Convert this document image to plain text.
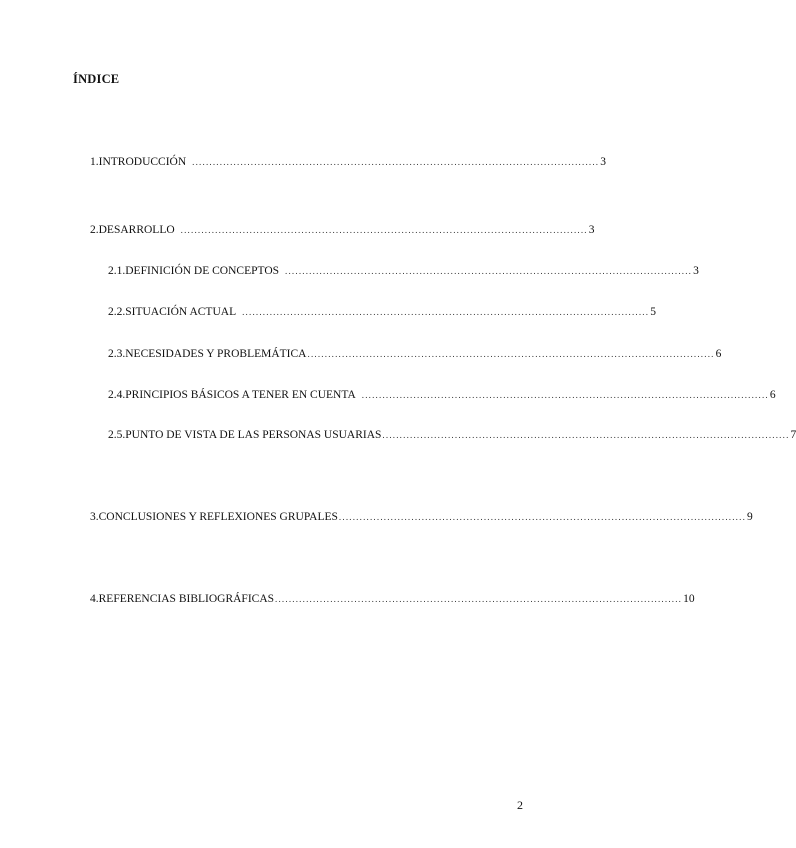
ÍNDICE
1. INTRODUCCIÓN ...................................................................................................................... 3
2. DESARROLLO ...................................................................................................................... 3
2.1. DEFINICIÓN DE CONCEPTOS ...................................................................................................................... 3
2.2. SITUACIÓN ACTUAL ...................................................................................................................... 5
2.3. NECESIDADES Y PROBLEMÁTICA ...................................................................................................................... 6
2.4. PRINCIPIOS BÁSICOS A TENER EN CUENTA ...................................................................................................................... 6
2.5. PUNTO DE VISTA DE LAS PERSONAS USUARIAS ...................................................................................................................... 7
3. CONCLUSIONES Y REFLEXIONES GRUPALES ...................................................................................................................... 9
4. REFERENCIAS BIBLIOGRÁFICAS ...................................................................................................................... 10
2
